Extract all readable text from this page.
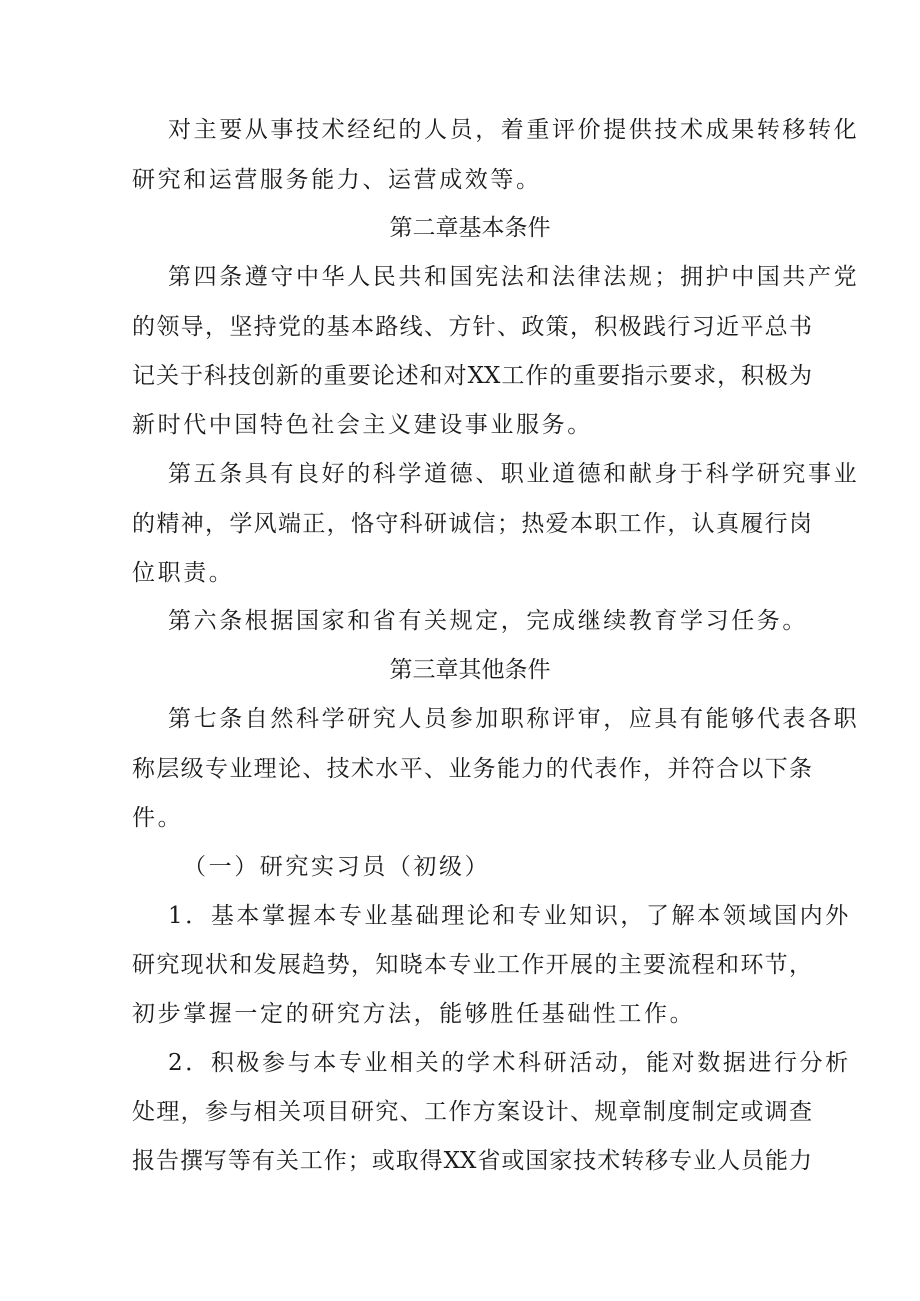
对主要从事技术经纪的人员，着重评价提供技术成果转移转化

研究和运营服务能力、运营成效等。

第二章基本条件

第四条遵守中华人民共和国宪法和法律法规；拥护中国共产党

的领导，坚持党的基本路线、方针、政策，积极践行习近平总书

记关于科技创新的重要论述和对XX工作的重要指示要求，积极为

新时代中国特色社会主义建设事业服务。

第五条具有良好的科学道德、职业道德和献身于科学研究事业

的精神，学风端正，恪守科研诚信；热爱本职工作，认真履行岗

位职责。

第六条根据国家和省有关规定，完成继续教育学习任务。

第三章其他条件

第七条自然科学研究人员参加职称评审，应具有能够代表各职

称层级专业理论、技术水平、业务能力的代表作，并符合以下条

件。

（一）研究实习员（初级）

1．基本掌握本专业基础理论和专业知识，了解本领域国内外

研究现状和发展趋势，知晓本专业工作开展的主要流程和环节，

初步掌握一定的研究方法，能够胜任基础性工作。

2．积极参与本专业相关的学术科研活动，能对数据进行分析

处理，参与相关项目研究、工作方案设计、规章制度制定或调查

报告撰写等有关工作；或取得XX省或国家技术转移专业人员能力
